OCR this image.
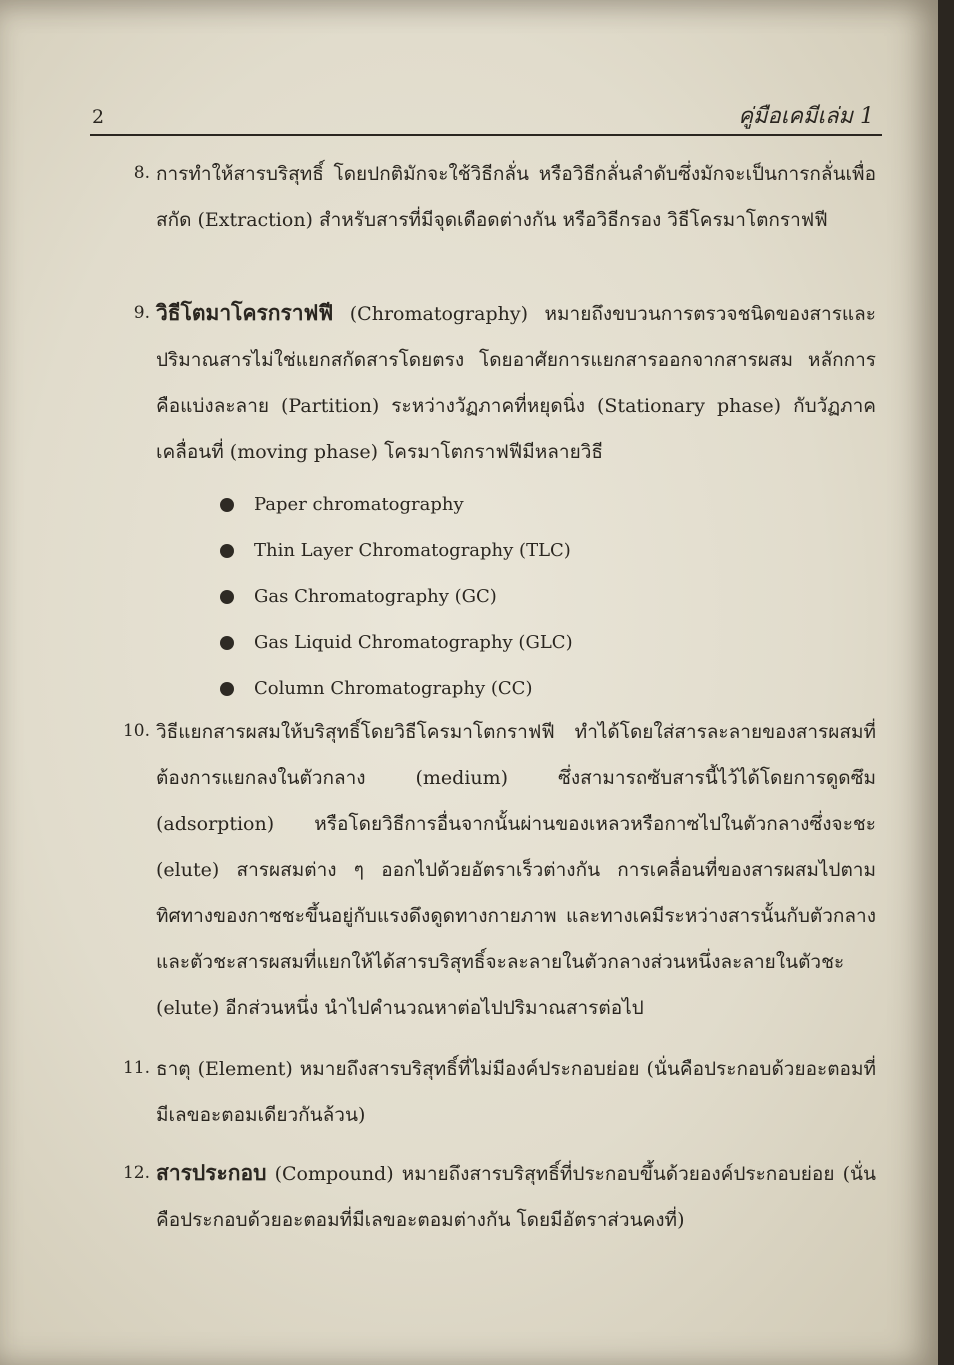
2	คู่มือเคมีเล่ม 1
8. การทำให้สารบริสุทธิ์ โดยปกติมักจะใช้วิธีกลั่น หรือวิธีกลั่นลำดับซึ่งมักจะเป็นการกลั่นเพื่อสกัด (Extraction) สำหรับสารที่มีจุดเดือดต่างกัน หรือวิธีกรอง วิธีโครมาโตกราฟฟี
9. วิธีโตมาโครกราฟฟี (Chromatography) หมายถึงขบวนการตรวจชนิดของสารและปริมาณสารไม่ใช่แยกสกัดสารโดยตรง โดยอาศัยการแยกสารออกจากสารผสม หลักการคือแบ่งละลาย (Partition) ระหว่างวัฏภาคที่หยุดนิ่ง (Stationary phase) กับวัฏภาคเคลื่อนที่ (moving phase) โครมาโตกราฟฟีมีหลายวิธี
Paper chromatography
Thin Layer Chromatography (TLC)
Gas Chromatography (GC)
Gas Liquid Chromatography (GLC)
Column Chromatography (CC)
10. วิธีแยกสารผสมให้บริสุทธิ์โดยวิธีโครมาโตกราฟฟี ทำได้โดยใส่สารละลายของสารผสมที่ต้องการแยกลงในตัวกลาง (medium) ซึ่งสามารถซับสารนี้ไว้ได้โดยการดูดซึม (adsorption) หรือโดยวิธีการอื่นจากนั้นผ่านของเหลวหรือกาซไปในตัวกลางซึ่งจะชะ (elute) สารผสมต่าง ๆ ออกไปด้วยอัตราเร็วต่างกัน การเคลื่อนที่ของสารผสมไปตามทิศทางของกาซชะขึ้นอยู่กับแรงดึงดูดทางกายภาพ และทางเคมีระหว่างสารนั้นกับตัวกลางและตัวชะสารผสมที่แยกให้ได้สารบริสุทธิ์จะละลายในตัวกลางส่วนหนึ่งละลายในตัวชะ (elute) อีกส่วนหนึ่ง นำไปคำนวณหาต่อไปปริมาณสารต่อไป
11. ธาตุ (Element) หมายถึงสารบริสุทธิ์ที่ไม่มีองค์ประกอบย่อย (นั่นคือประกอบด้วยอะตอมที่มีเลขอะตอมเดียวกันล้วน)
12. สารประกอบ (Compound) หมายถึงสารบริสุทธิ์ที่ประกอบขึ้นด้วยองค์ประกอบย่อย (นั่นคือประกอบด้วยอะตอมที่มีเลขอะตอมต่างกัน โดยมีอัตราส่วนคงที่)
